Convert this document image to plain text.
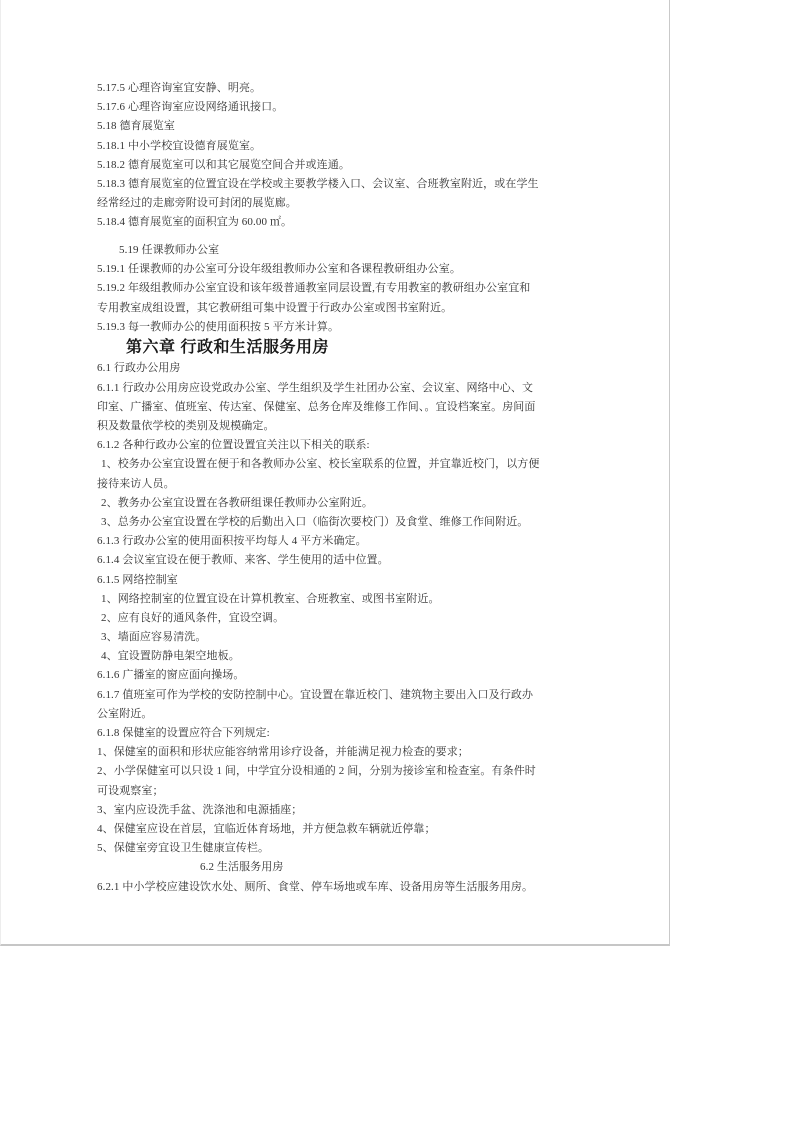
5.17.5 心理咨询室宜安静、明亮。
5.17.6 心理咨询室应设网络通讯接口。
5.18 德育展览室
5.18.1 中小学校宜设德育展览室。
5.18.2 德育展览室可以和其它展览空间合并或连通。
5.18.3 德育展览室的位置宜设在学校或主要教学楼入口、会议室、合班教室附近，或在学生
经常经过的走廊旁附设可封闭的展览廊。
5.18.4 德育展览室的面积宜为 60.00 ㎡。
5.19 任课教师办公室
5.19.1 任课教师的办公室可分设年级组教师办公室和各课程教研组办公室。
5.19.2 年级组教师办公室宜设和该年级普通教室同层设置,有专用教室的教研组办公室宜和
专用教室成组设置，其它教研组可集中设置于行政办公室或图书室附近。
5.19.3 每一教师办公的使用面积按 5 平方米计算。
第六章 行政和生活服务用房
6.1 行政办公用房
6.1.1 行政办公用房应设党政办公室、学生组织及学生社团办公室、会议室、网络中心、文
印室、广播室、值班室、传达室、保健室、总务仓库及维修工作间、。宜设档案室。房间面
积及数量依学校的类别及规模确定。
6.1.2 各种行政办公室的位置设置宜关注以下相关的联系:
1、校务办公室宜设置在便于和各教师办公室、校长室联系的位置，并宜靠近校门，以方便
接待来访人员。
2、教务办公室宜设置在各教研组课任教师办公室附近。
3、总务办公室宜设置在学校的后勤出入口（临街次要校门）及食堂、维修工作间附近。
6.1.3 行政办公室的使用面积按平均每人 4 平方米确定。
6.1.4 会议室宜设在便于教师、来客、学生使用的适中位置。
6.1.5 网络控制室
1、网络控制室的位置宜设在计算机教室、合班教室、或图书室附近。
2、应有良好的通风条件，宜设空调。
3、墙面应容易清洗。
4、宜设置防静电架空地板。
6.1.6 广播室的窗应面向操场。
6.1.7 值班室可作为学校的安防控制中心。宜设置在靠近校门、建筑物主要出入口及行政办
公室附近。
6.1.8 保健室的设置应符合下列规定:
1、保健室的面积和形状应能容纳常用诊疗设备，并能满足视力检查的要求；
2、小学保健室可以只设 1 间，中学宜分设相通的 2 间，分别为接诊室和检查室。有条件时
可设观察室；
3、室内应设洗手盆、洗涤池和电源插座；
4、保健室应设在首层，宜临近体育场地，并方便急救车辆就近停靠；
5、保健室旁宜设卫生健康宣传栏。
6.2 生活服务用房
6.2.1 中小学校应建设饮水处、厕所、食堂、停车场地或车库、设备用房等生活服务用房。
